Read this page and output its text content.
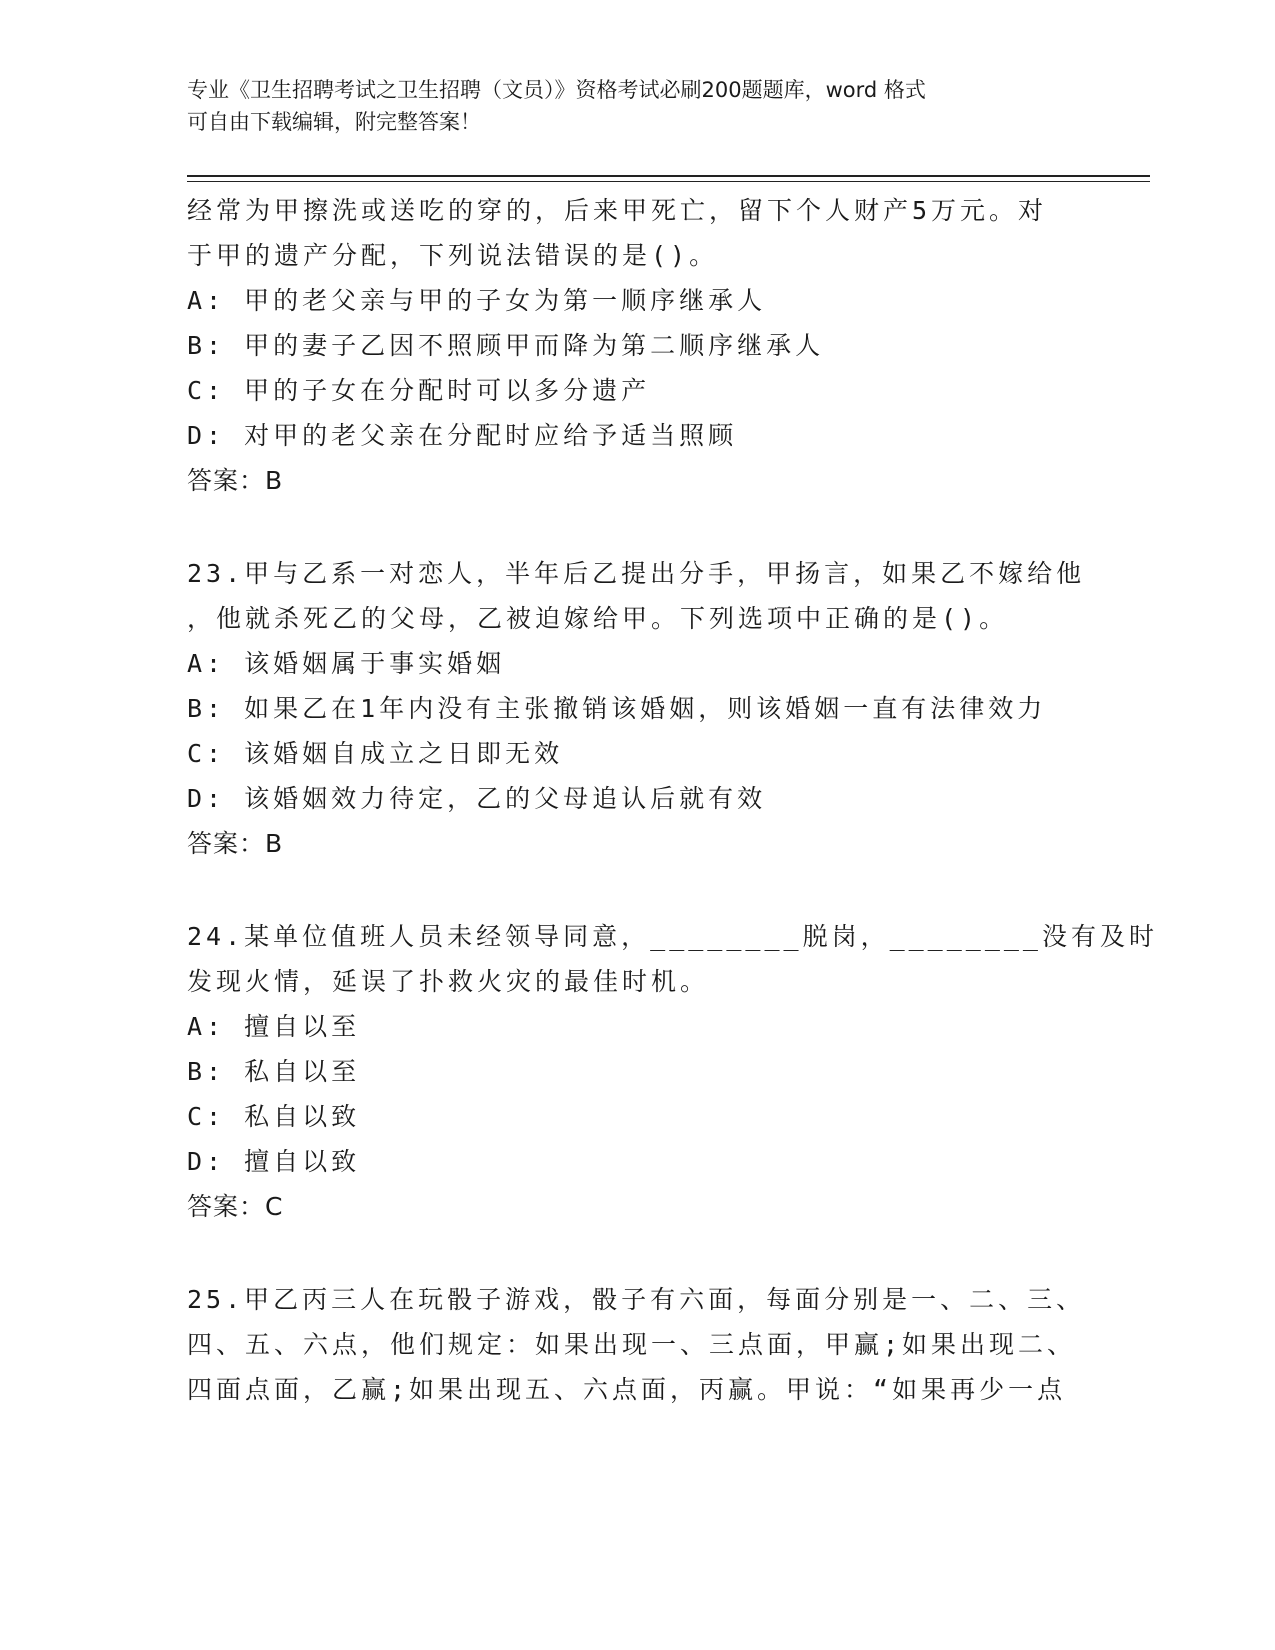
专业《卫生招聘考试之卫生招聘（文员）》资格考试必刷200题题库，word 格式
可自由下载编辑，附完整答案！
经常为甲擦洗或送吃的穿的，后来甲死亡，留下个人财产5万元。对
于甲的遗产分配，下列说法错误的是()。
A: 甲的老父亲与甲的子女为第一顺序继承人
B: 甲的妻子乙因不照顾甲而降为第二顺序继承人
C: 甲的子女在分配时可以多分遗产
D: 对甲的老父亲在分配时应给予适当照顾
答案：B
23.甲与乙系一对恋人，半年后乙提出分手，甲扬言，如果乙不嫁给他
，他就杀死乙的父母，乙被迫嫁给甲。下列选项中正确的是()。
A: 该婚姻属于事实婚姻
B: 如果乙在1年内没有主张撤销该婚姻，则该婚姻一直有法律效力
C: 该婚姻自成立之日即无效
D: 该婚姻效力待定，乙的父母追认后就有效
答案：B
24.某单位值班人员未经领导同意，________脱岗，________没有及时
发现火情，延误了扑救火灾的最佳时机。
A: 擅自以至
B: 私自以至
C: 私自以致
D: 擅自以致
答案：C
25.甲乙丙三人在玩骰子游戏，骰子有六面，每面分别是一、二、三、
四、五、六点，他们规定：如果出现一、三点面，甲赢;如果出现二、
四面点面，乙赢;如果出现五、六点面，丙赢。甲说：“如果再少一点
